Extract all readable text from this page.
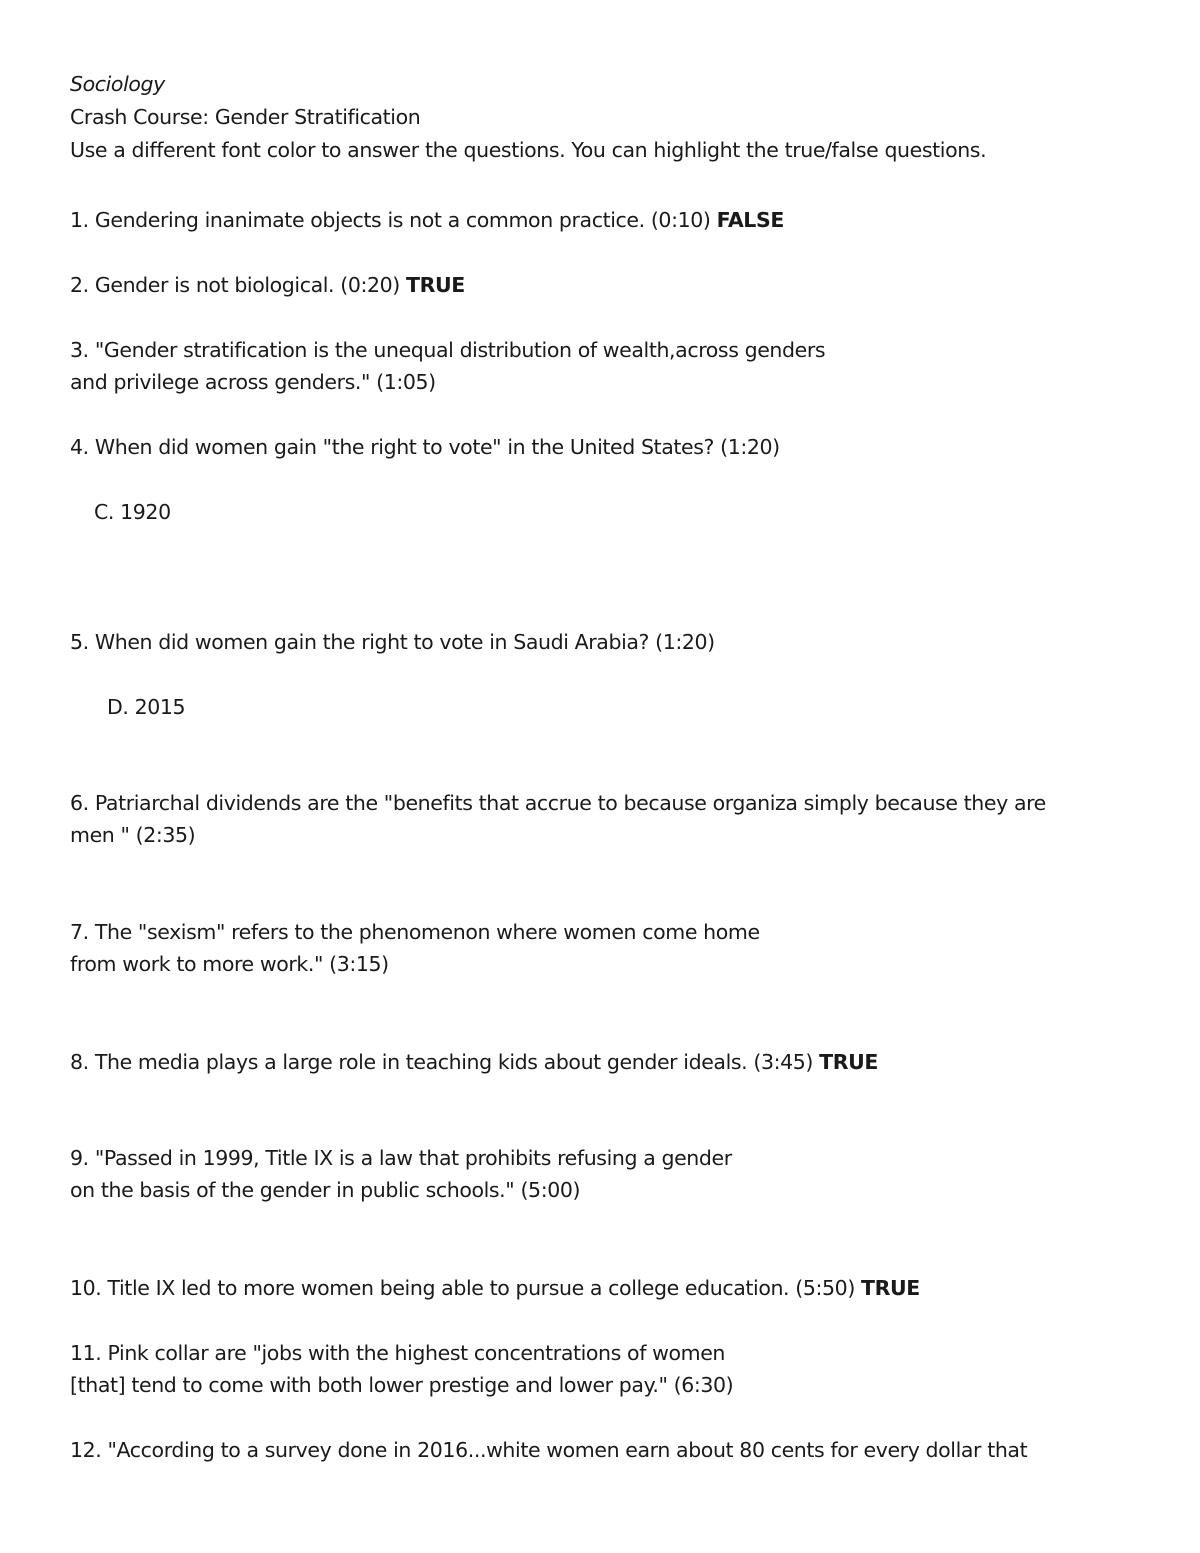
Sociology
Crash Course: Gender Stratification
Use a different font color to answer the questions. You can highlight the true/false questions.
1. Gendering inanimate objects is not a common practice. (0:10) FALSE
2. Gender is not biological. (0:20) TRUE
3. "Gender stratification is the unequal distribution of wealth,across genders
and privilege across genders." (1:05)
4. When did women gain "the right to vote" in the United States? (1:20)
C. 1920
5. When did women gain the right to vote in Saudi Arabia? (1:20)
D. 2015
6. Patriarchal dividends are the "benefits that accrue to because organiza simply because they are
men " (2:35)
7. The "sexism" refers to the phenomenon where women come home
from work to more work." (3:15)
8. The media plays a large role in teaching kids about gender ideals. (3:45) TRUE
9. "Passed in 1999, Title IX is a law that prohibits refusing a gender
on the basis of the gender in public schools." (5:00)
10. Title IX led to more women being able to pursue a college education. (5:50) TRUE
11. Pink collar are "jobs with the highest concentrations of women
[that] tend to come with both lower prestige and lower pay." (6:30)
12. "According to a survey done in 2016...white women earn about 80 cents for every dollar that
